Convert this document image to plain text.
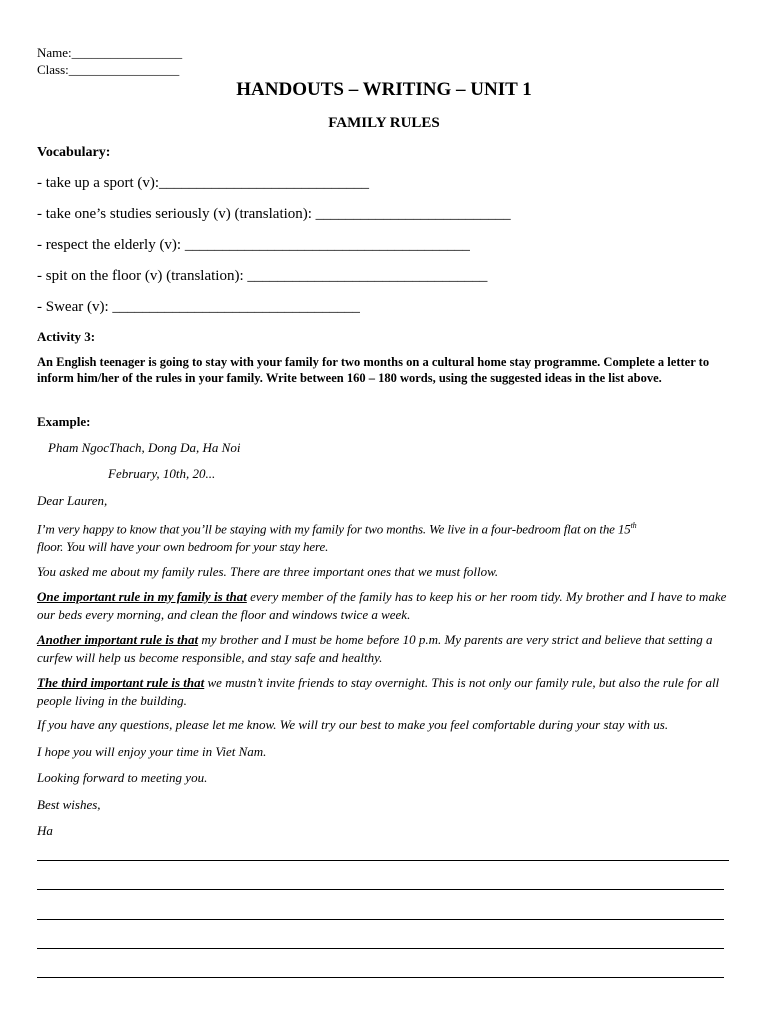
Name:_________________
Class:_________________
HANDOUTS – WRITING – UNIT 1
FAMILY RULES
Vocabulary:
- take up a sport (v):____________________________
- take one’s studies seriously (v) (translation): __________________________
- respect the elderly (v): ______________________________________
- spit on the floor (v) (translation): ________________________________
- Swear (v): _________________________________
Activity 3:
An English teenager is going to stay with your family for two months on a cultural home stay programme. Complete a letter to inform him/her of the rules in your family. Write between 160 – 180 words, using the suggested ideas in the list above.
Example:
Pham NgocThach, Dong Da, Ha Noi
February, 10th, 20...
Dear Lauren,
I’m very happy to know that you’ll be staying with my family for two months. We live in a four-bedroom flat on the 15th
floor. You will have your own bedroom for your stay here.
You asked me about my family rules. There are three important ones that we must follow.
One important rule in my family is that every member of the family has to keep his or her room tidy. My brother and I have to make our beds every morning, and clean the floor and windows twice a week.
Another important rule is that my brother and I must be home before 10 p.m. My parents are very strict and believe that setting a curfew will help us become responsible, and stay safe and healthy.
The third important rule is that we mustn’t invite friends to stay overnight. This is not only our family rule, but also the rule for all people living in the building.
If you have any questions, please let me know. We will try our best to make you feel comfortable during your stay with us.
I hope you will enjoy your time in Viet Nam.
Looking forward to meeting you.
Best wishes,
Ha
